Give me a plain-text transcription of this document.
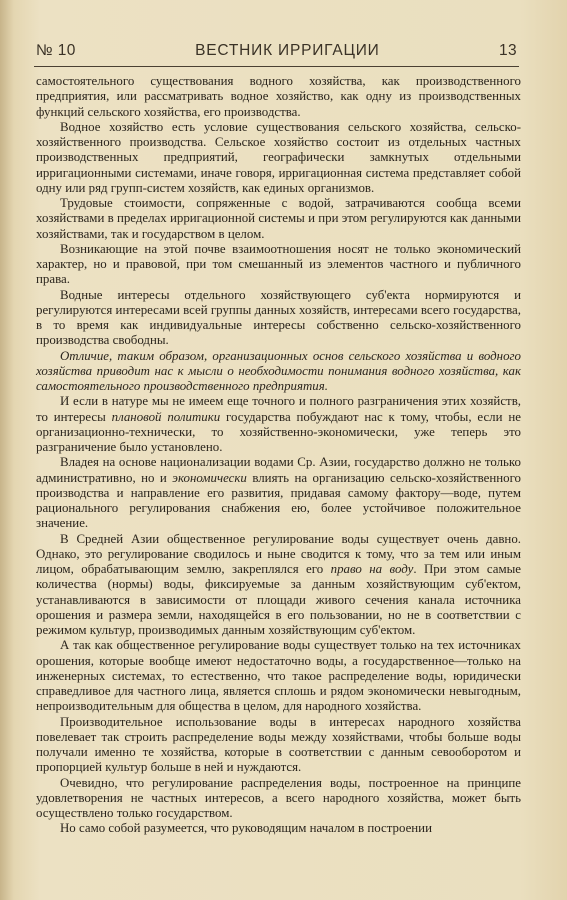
№ 10	ВЕСТНИК ИРРИГАЦИИ	13

самостоятельного существования водного хозяйства, как производственного предприятия, или рассматривать водное хозяйство, как одну из производственных функций сельского хозяйства, его производства.

Водное хозяйство есть условие существования сельского хозяйства, сельско-хозяйственного производства. Сельское хозяйство состоит из отдельных частных производственных предприятий, географически замкнутых отдельными ирригационными системами, иначе говоря, ирригационная система представляет собой одну или ряд групп-систем хозяйств, как единых организмов.

Трудовые стоимости, сопряженные с водой, затрачиваются сообща всеми хозяйствами в пределах ирригационной системы и при этом регулируются как данными хозяйствами, так и государством в целом.

Возникающие на этой почве взаимоотношения носят не только экономический характер, но и правовой, при том смешанный из элементов частного и публичного права.

Водные интересы отдельного хозяйствующего суб'екта нормируются и регулируются интересами всей группы данных хозяйств, интересами всего государства, в то время как индивидуальные интересы собственно сельско-хозяйственного производства свободны.

Отличие, таким образом, организационных основ сельского хозяйства и водного хозяйства приводит нас к мысли о необходимости понимания водного хозяйства, как самостоятельного производственного предприятия.

И если в натуре мы не имеем еще точного и полного разграничения этих хозяйств, то интересы плановой политики государства побуждают нас к тому, чтобы, если не организационно-технически, то хозяйственно-экономически, уже теперь это разграничение было установлено.

Владея на основе национализации водами Ср. Азии, государство должно не только административно, но и экономически влиять на организацию сельско-хозяйственного производства и направление его развития, придавая самому фактору—воде, путем рационального регулирования снабжения ею, более устойчивое положительное значение.

В Средней Азии общественное регулирование воды существует очень давно. Однако, это регулирование сводилось и ныне сводится к тому, что за тем или иным лицом, обрабатывающим землю, закреплялся его право на воду. При этом самые количества (нормы) воды, фиксируемые за данным хозяйствующим суб'ектом, устанавливаются в зависимости от площади живого сечения канала источника орошения и размера земли, находящейся в его пользовании, но не в соответствии с режимом культур, производимых данным хозяйствующим суб'ектом.

А так как общественное регулирование воды существует только на тех источниках орошения, которые вообще имеют недостаточно воды, а государственное—только на инженерных системах, то естественно, что такое распределение воды, юридически справедливое для частного лица, является сплошь и рядом экономически невыгодным, непроизводительным для общества в целом, для народного хозяйства.

Производительное использование воды в интересах народного хозяйства повелевает так строить распределение воды между хозяйствами, чтобы больше воды получали именно те хозяйства, которые в соответствии с данным севооборотом и пропорцией культур больше в ней и нуждаются.

Очевидно, что регулирование распределения воды, построенное на принципе удовлетворения не частных интересов, а всего народного хозяйства, может быть осуществлено только государством.

Но само собой разумеется, что руководящим началом в построении
